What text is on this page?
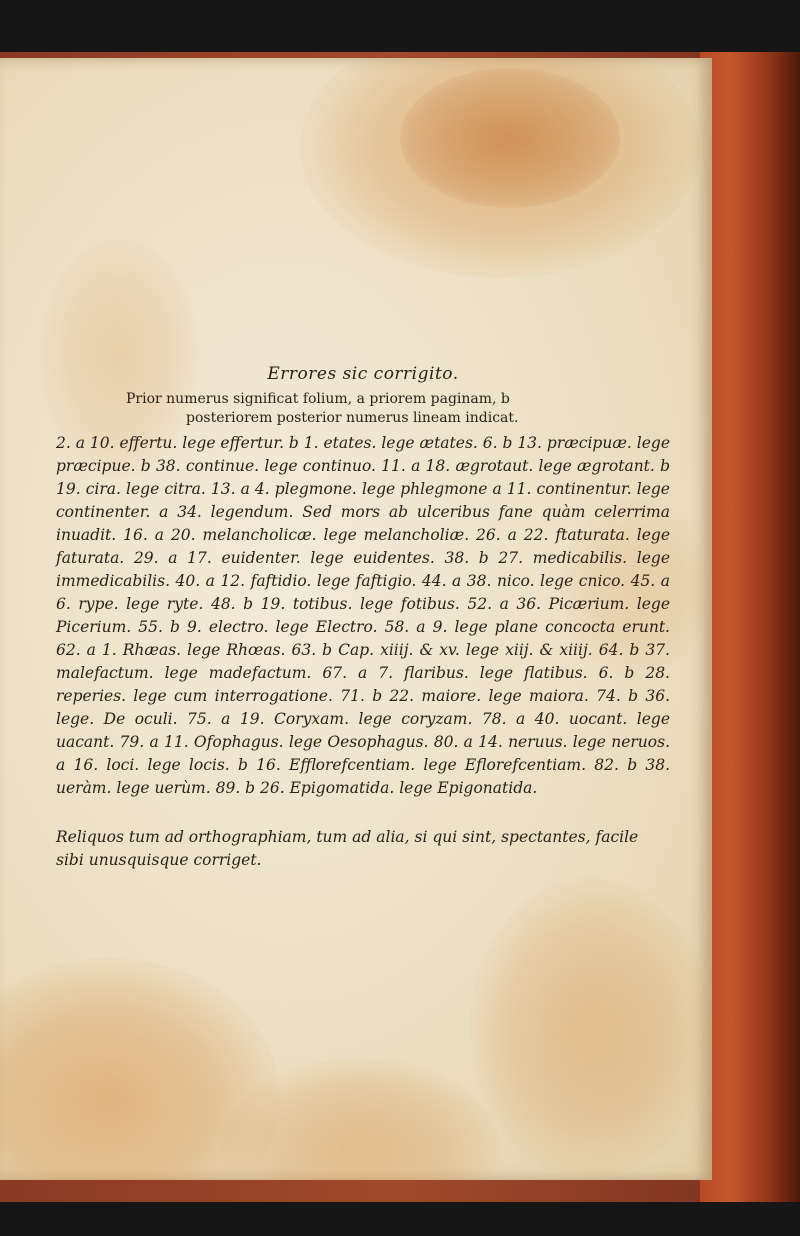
Errores sic corrigito.

Prior numerus significat folium, a priorem paginam, b

posteriorem posterior numerus lineam indicat.

2. a 10. effertu. lege effertur. b 1. etates. lege ætates. 6. b 13. præcipuæ. lege præcipue. b 38. continue. lege continuo. 11. a 18. ægrotaut. lege ægrotant. b 19. cira. lege citra. 13. a 4. plegmone. lege phlegmone a 11. continentur. lege continenter. a 34. legendum. Sed mors ab ulceribus fane quàm celerrima inuadit. 16. a 20. melancholicæ. lege melancholiæ. 26. a 22. ftaturata. lege faturata. 29. a 17. euidenter. lege euidentes. 38. b 27. medicabilis. lege immedicabilis. 40. a 12. faftidio. lege faftigio. 44. a 38. nico. lege cnico. 45. a 6. rype. lege ryte. 48. b 19. totibus. lege fotibus. 52. a 36. Picærium. lege Picerium. 55. b 9. electro. lege Electro. 58. a 9. lege plane concocta erunt. 62. a 1. Rhæas. lege Rhœas. 63. b Cap. xiiij. & xv. lege xiij. & xiiij. 64. b 37. malefactum. lege madefactum. 67. a 7. flaribus. lege flatibus. 6. b 28. reperies. lege cum interrogatione. 71. b 22. maiore. lege maiora. 74. b 36. lege. De oculi. 75. a 19. Coryxam. lege coryzam. 78. a 40. uocant. lege uacant. 79. a 11. Ofophagus. lege Oesophagus. 80. a 14. neruus. lege neruos. a 16. loci. lege locis. b 16. Efflorefcentiam. lege Eflorefcentiam. 82. b 38. ueràm. lege uerùm. 89. b 26. Epigomatida. lege Epigonatida.

Reliquos tum ad orthographiam, tum ad alia, si qui sint, spectantes, facile sibi unusquisque corriget.
